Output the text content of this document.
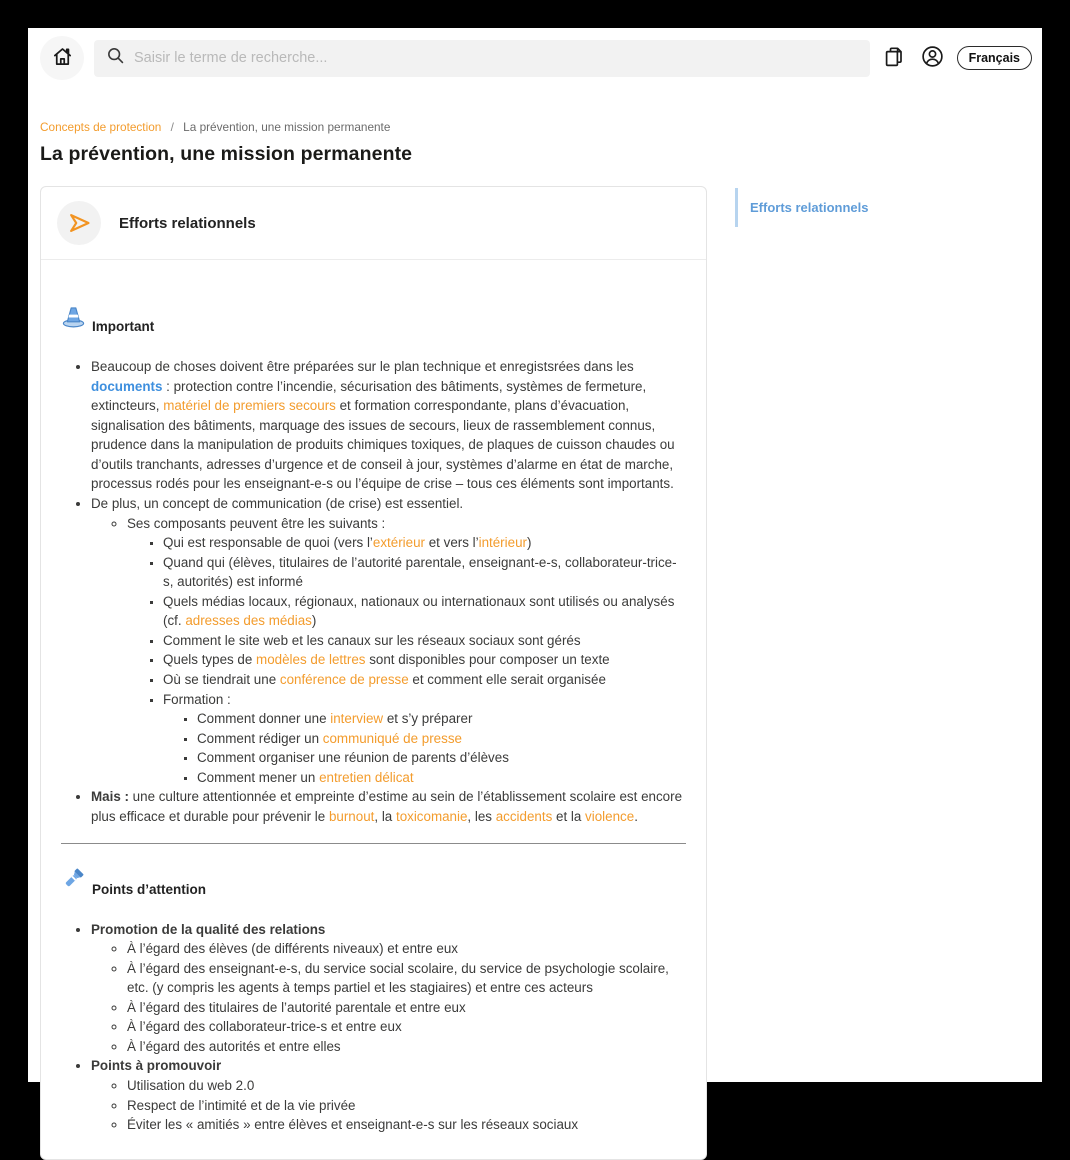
Saisir le terme de recherche...
Français
Concepts de protection / La prévention, une mission permanente
La prévention, une mission permanente
Efforts relationnels
Important
• Beaucoup de choses doivent être préparées sur le plan technique et enregistsrées dans les documents : protection contre l’incendie, sécurisation des bâtiments, systèmes de fermeture, extincteurs, matériel de premiers secours et formation correspondante, plans d’évacuation, signalisation des bâtiments, marquage des issues de secours, lieux de rassemblement connus, prudence dans la manipulation de produits chimiques toxiques, de plaques de cuisson chaudes ou d’outils tranchants, adresses d’urgence et de conseil à jour, systèmes d’alarme en état de marche, processus rodés pour les enseignant-e-s ou l’équipe de crise – tous ces éléments sont importants.
• De plus, un concept de communication (de crise) est essentiel.
◦ Ses composants peuvent être les suivants :
▪ Qui est responsable de quoi (vers l’extérieur et vers l’intérieur)
▪ Quand qui (élèves, titulaires de l’autorité parentale, enseignant-e-s, collaborateur-trice-s, autorités) est informé
▪ Quels médias locaux, régionaux, nationaux ou internationaux sont utilisés ou analysés (cf. adresses des médias)
▪ Comment le site web et les canaux sur les réseaux sociaux sont gérés
▪ Quels types de modèles de lettres sont disponibles pour composer un texte
▪ Où se tiendrait une conférence de presse et comment elle serait organisée
▪ Formation :
▪ Comment donner une interview et s’y préparer
▪ Comment rédiger un communiqué de presse
▪ Comment organiser une réunion de parents d’élèves
▪ Comment mener un entretien délicat
• Mais : une culture attentionnée et empreinte d’estime au sein de l’établissement scolaire est encore plus efficace et durable pour prévenir le burnout, la toxicomanie, les accidents et la violence.
Points d’attention
• Promotion de la qualité des relations
◦ À l’égard des élèves (de différents niveaux) et entre eux
◦ À l’égard des enseignant-e-s, du service social scolaire, du service de psychologie scolaire, etc. (y compris les agents à temps partiel et les stagiaires) et entre ces acteurs
◦ À l’égard des titulaires de l’autorité parentale et entre eux
◦ À l’égard des collaborateur-trice-s et entre eux
◦ À l’égard des autorités et entre elles
• Points à promouvoir
◦ Utilisation du web 2.0
◦ Respect de l’intimité et de la vie privée
◦ Éviter les « amitiés » entre élèves et enseignant-e-s sur les réseaux sociaux
Efforts relationnels
